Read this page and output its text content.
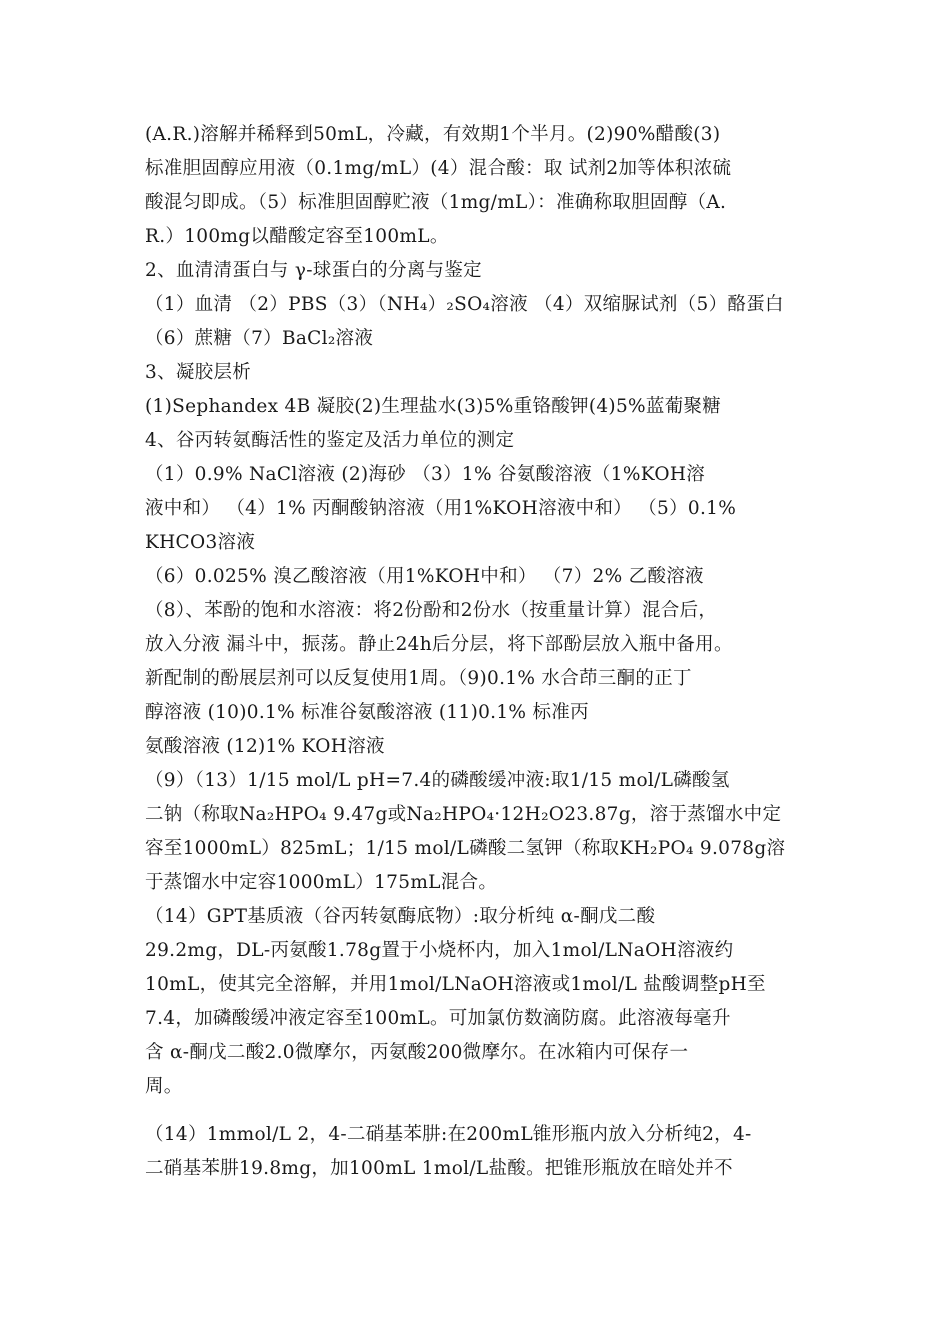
(A.R.)溶解并稀释到50mL，冷藏，有效期1个半月。(2)90%醋酸(3)
标准胆固醇应用液（0.1mg/mL）(4）混合酸：取 试剂2加等体积浓硫
酸混匀即成。（5）标准胆固醇贮液（1mg/mL）：准确称取胆固醇（A.
R.）100mg以醋酸定容至100mL。
2、血清清蛋白与 γ-球蛋白的分离与鉴定
（1）血清 （2）PBS（3）（NH₄）₂SO₄溶液 （4）双缩脲试剂（5）酪蛋白
（6）蔗糖（7）BaCl₂溶液
3、凝胶层析
(1)Sephandex 4B 凝胶(2)生理盐水(3)5%重铬酸钾(4)5%蓝葡聚糖
4、谷丙转氨酶活性的鉴定及活力单位的测定
（1）0.9% NaCl溶液 (2)海砂 （3）1% 谷氨酸溶液（1%KOH溶
液中和） （4）1% 丙酮酸钠溶液（用1%KOH溶液中和） （5）0.1%
KHCO3溶液
（6）0.025% 溴乙酸溶液（用1%KOH中和） （7）2% 乙酸溶液
（8）、苯酚的饱和水溶液：将2份酚和2份水（按重量计算）混合后，
放入分液 漏斗中，振荡。静止24h后分层，将下部酚层放入瓶中备用。
新配制的酚展层剂可以反复使用1周。（9)0.1% 水合茚三酮的正丁
醇溶液 (10)0.1% 标准谷氨酸溶液 (11)0.1% 标准丙
氨酸溶液 (12)1% KOH溶液
（9）（13）1/15 mol/L pH=7.4的磷酸缓冲液:取1/15 mol/L磷酸氢
二钠（称取Na₂HPO₄ 9.47g或Na₂HPO₄·12H₂O23.87g，溶于蒸馏水中定
容至1000mL）825mL；1/15 mol/L磷酸二氢钾（称取KH₂PO₄ 9.078g溶
于蒸馏水中定容1000mL）175mL混合。
（14）GPT基质液（谷丙转氨酶底物）:取分析纯 α-酮戊二酸
29.2mg，DL-丙氨酸1.78g置于小烧杯内，加入1mol/LNaOH溶液约
10mL，使其完全溶解，并用1mol/LNaOH溶液或1mol/L 盐酸调整pH至
7.4，加磷酸缓冲液定容至100mL。可加氯仿数滴防腐。此溶液每毫升
含 α-酮戊二酸2.0微摩尔，丙氨酸200微摩尔。在冰箱内可保存一
周。
（14）1mmol/L 2，4-二硝基苯肼:在200mL锥形瓶内放入分析纯2，4-
二硝基苯肼19.8mg，加100mL 1mol/L盐酸。把锥形瓶放在暗处并不
